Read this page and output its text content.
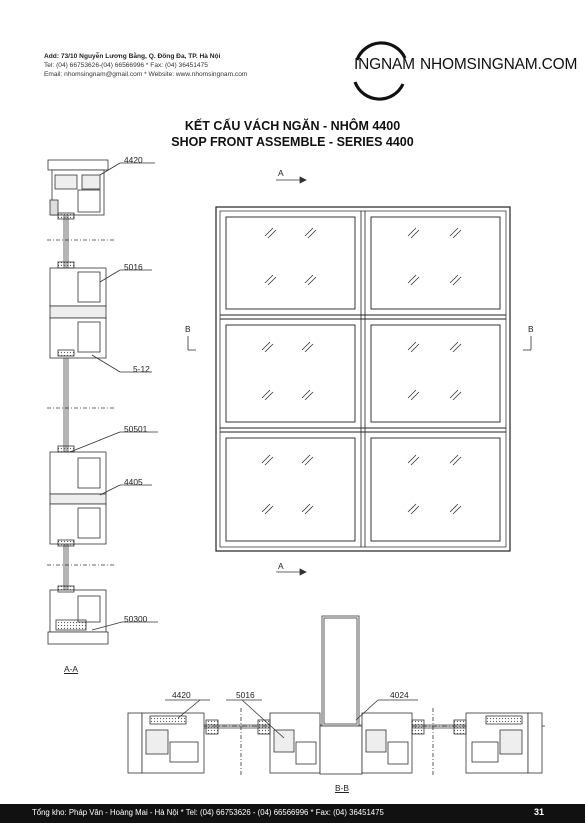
Add: 73/10 Nguyễn Lương Bằng, Q. Đống Đa, TP. Hà Nội
Tel: (04) 66753626-(04) 66566996 * Fax: (04) 36451475
Email: nhomsingnam@gmail.com * Website: www.nhomsingnam.com
INGNAM NHOMSINGNAM.COM
KẾT CẤU VÁCH NGĂN - NHÔM 4400
SHOP FRONT ASSEMBLE - SERIES 4400
4420
5016
5-12
50501
4405
50300
4420	5016	4024
A-A
B-B
A
A
B	B
Tổng kho: Pháp Vân - Hoàng Mai - Hà Nội * Tel: (04) 66753626 - (04) 66566996 * Fax: (04) 36451475	31
